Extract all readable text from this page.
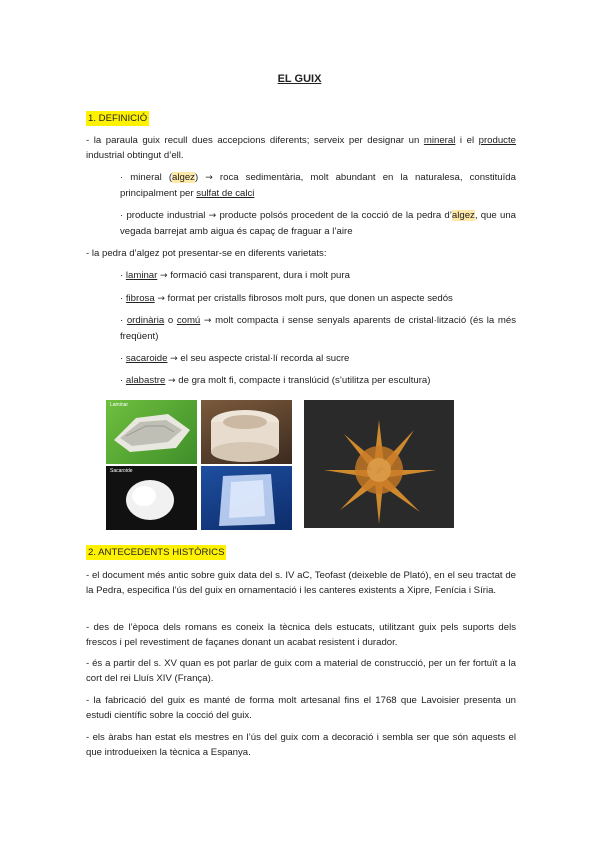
EL GUIX
1. DEFINICIÓ
- la paraula guix recull dues accepcions diferents; serveix per designar un mineral i el producte industrial obtingut d’ell.
· mineral (algez) → roca sedimentària, molt abundant en la naturalesa, constituïda principalment per sulfat de calci
· producte industrial → producte polsós procedent de la cocció de la pedra d’algez, que una vegada barrejat amb aigua és capaç de fraguar a l’aire
- la pedra d’algez pot presentar-se en diferents varietats:
· laminar → formació casi transparent, dura i molt pura
· fibrosa → format per cristalls fibrosos molt purs, que donen un aspecte sedós
· ordinària o comú → molt compacta i sense senyals aparents de cristal·lització (és la més freqüent)
· sacaroide → el seu aspecte cristal·lí recorda al sucre
· alabastre → de gra molt fi, compacte i translúcid (s’utilitza per escultura)
Laminar
Sacaroide
2. ANTECEDENTS HISTÒRICS
- el document més antic sobre guix data del s. IV aC, Teofast (deixeble de Plató), en el seu tractat de la Pedra, especifica l’ús del guix en ornamentació i les canteres existents a Xipre, Fenícia i Síria.
- des de l’època dels romans es coneix la tècnica dels estucats, utilitzant guix pels suports dels frescos i pel revestiment de façanes donant un acabat resistent i durador.
- és a partir del s. XV quan es pot parlar de guix com a material de construcció, per un fer fortuït a la cort del rei Lluís XIV (França).
- la fabricació del guix es manté de forma molt artesanal fins el 1768 que Lavoisier presenta un estudi científic sobre la cocció del guix.
- els àrabs han estat els mestres en l’ús del guix com a decoració i sembla ser que són aquests el que introdueixen la tècnica a Espanya.
